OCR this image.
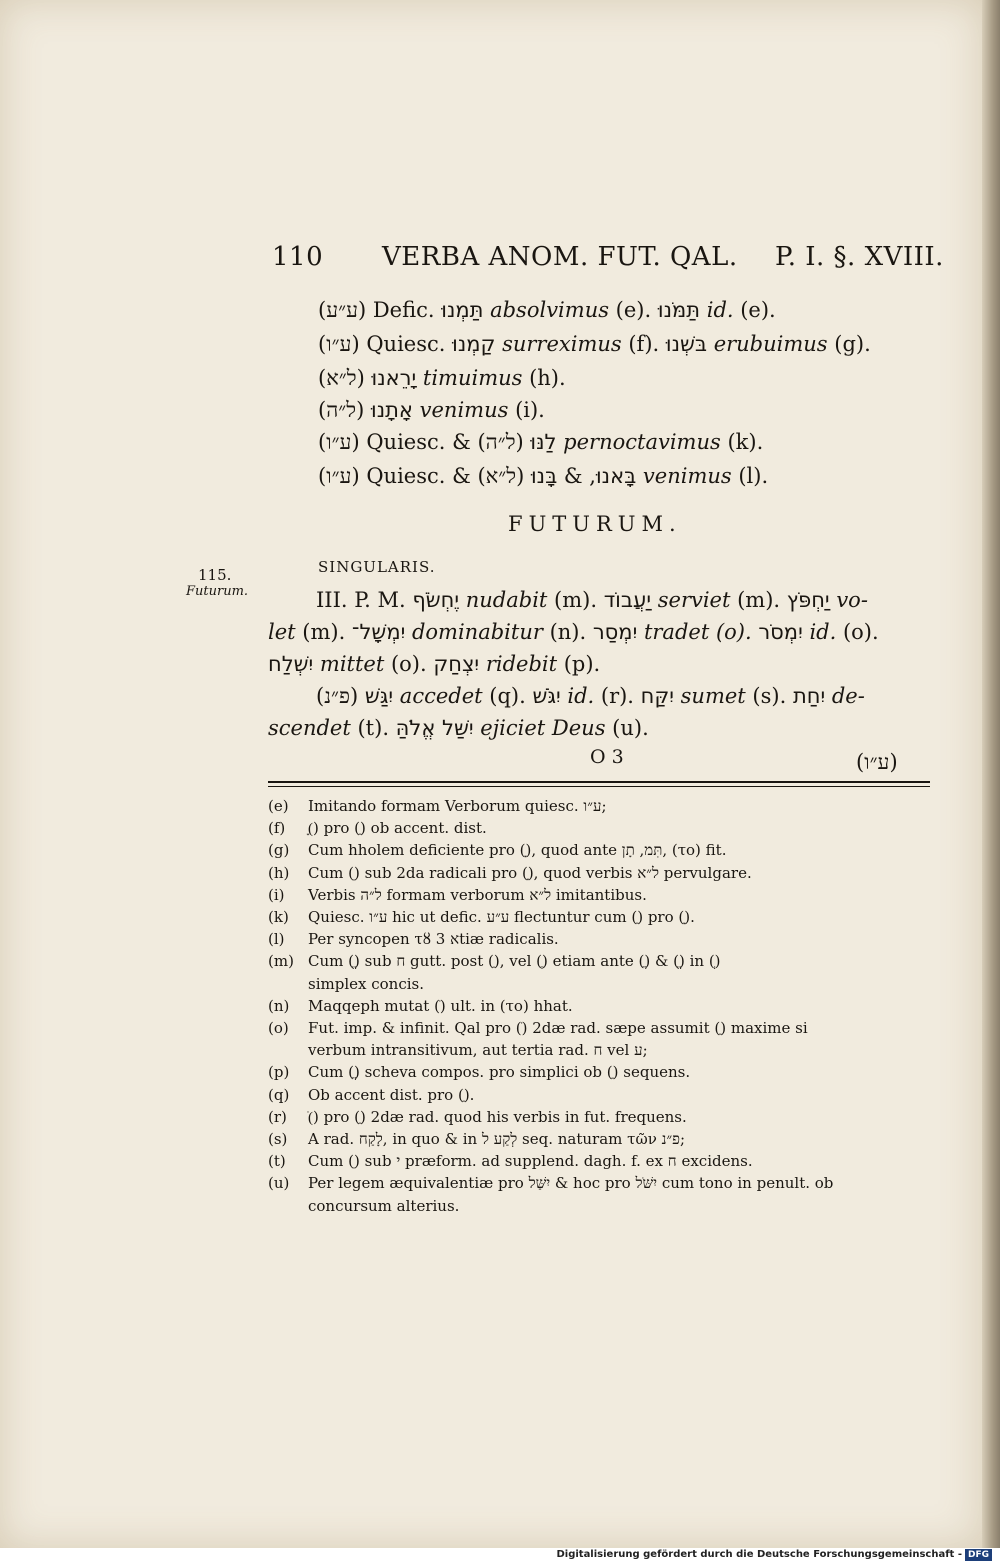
110 VERBA ANOM. FUT. QAL. P. I. §. XVIII.
(ע״ע) Defic. תַּמְנוּ absolvimus (e). תַּמֹּנוּ id. (e).
(ע״ו) Quiesc. קַמְנוּ surreximus (f). בּשְׁנוּ erubuimus (g).
(ל״א) יָרֵאנוּ timuimus (h).
(ל״ה) אָתָנוּ venimus (i).
(ע״ו) Quiesc. & (ל״ה) לַנּוּ pernoctavimus (k).
(ע״ו) Quiesc. & (ל״א)	בָּאנוּ, & בָּנוּ	venimus (l).
FUTURUM.
SINGULARIS.
115.
Futurum.	III. P. M. יֶחְשֹׂף nudabit (m). יַעֲבוֹד serviet (m). יַחְפֹּץ vo-
let (m). יִמְשָׁל־ dominabitur (n). יִמְסַר tradet (o). יִמְסֹר id. (o).
יִשְׁלַח mittet (o). יִצְחַק ridebit (p).
(פ״נ) יִגַּשׁ accedet (q). יִגֹּשׁ id. (r). יִקַּח sumet (s). יִחַת de-
scendet (t). יִשַּׁל אֱלֹהַּ ejiciet Deus (u).
O 3	(ע״ו)
(e) Imitando formam Verborum quiesc. ע״ו;
(f) (ָ) pro (ַ) ob accent. dist.
(g) Cum hholem deficiente pro (ָ), quod ante תִּמ, תָן, (τo) fit.
(h) Cum (ֵ) sub 2da radicali pro (ָ), quod verbis ל״א pervulgare.
(i) Verbis ל״ה formam verborum ל״א imitantibus.
(k) Quiesc. ע״ו hic ut defic. ע״ע flectuntur cum (ַ) pro (ָ).
(l) Per syncopen τȣ א 3tiæ radicalis.
(m) Cum (ֱ) sub ח gutt. post (ַ), vel (ֶ) etiam ante (ֲ) & (ֱ) in (ְ)
simplex concis.
(n) Maqqeph mutat (ֹ) ult. in (τo) hhat.
(o) Fut. imp. & infinit. Qal pro (ֹ) 2dæ rad. sæpe assumit (ַ) maxime si
verbum intransitivum, aut tertia rad. ח vel ע;
(p) Cum (ֲ) scheva compos. pro simplici ob (ַ) sequens.
(q) Ob accent dist. pro (ַ).
(r) (ֹ) pro (ַ) 2dæ rad. quod his verbis in fut. frequens.
(s) A rad. לָקַח, in quo & in לְקַע ל seq. naturam τῶν פ״נ;
(t) Cum (ֵ) sub י præform. ad supplend. dagh. f. ex ח excidens.
(u) Per legem æquivalentiæ pro יִשַּׁל & hoc pro יִשֹּׁל cum tono in penult. ob
concursum alterius.
Digitalisierung gefördert durch die Deutsche Forschungsgemeinschaft - DFG
